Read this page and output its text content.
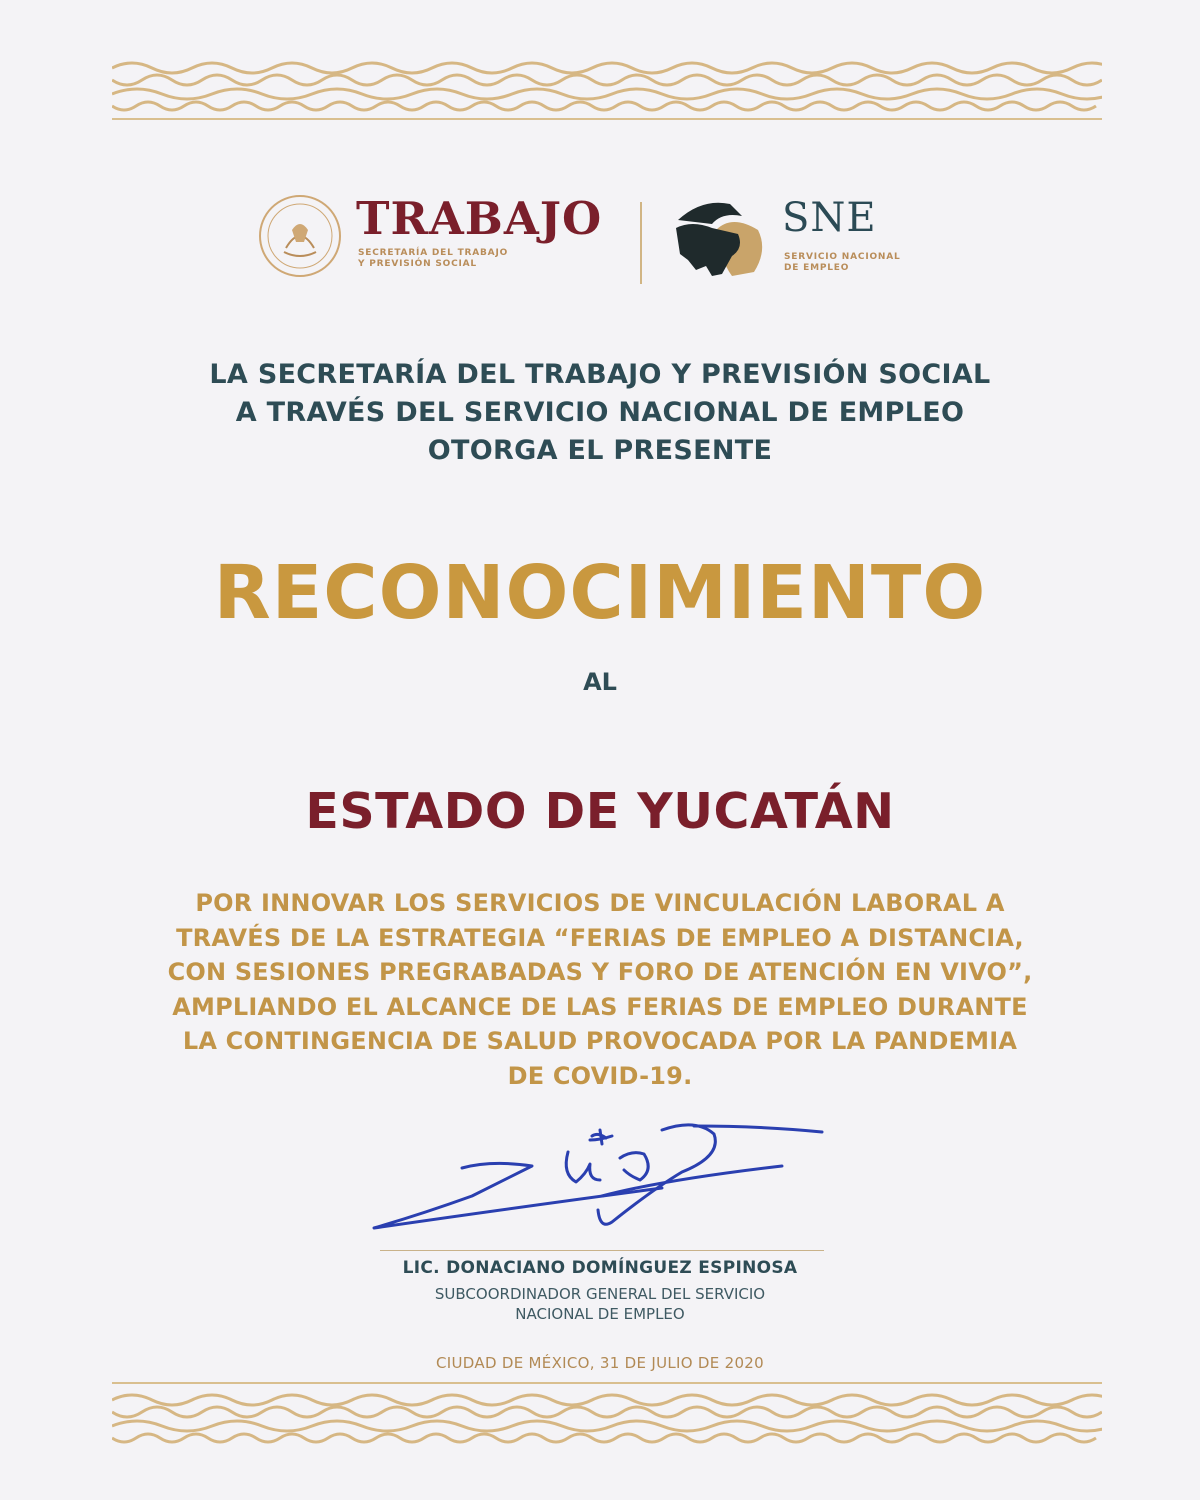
TRABAJO
SECRETARÍA DEL TRABAJO
Y PREVISIÓN SOCIAL
SNE
SERVICIO NACIONAL
DE EMPLEO
LA SECRETARÍA DEL TRABAJO Y PREVISIÓN SOCIAL
A TRAVÉS DEL SERVICIO NACIONAL DE EMPLEO
OTORGA EL PRESENTE
RECONOCIMIENTO
AL
ESTADO DE YUCATÁN
POR INNOVAR LOS SERVICIOS DE VINCULACIÓN LABORAL A
TRAVÉS DE LA ESTRATEGIA “FERIAS DE EMPLEO A DISTANCIA,
CON SESIONES PREGRABADAS Y FORO DE ATENCIÓN EN VIVO”,
AMPLIANDO EL ALCANCE DE LAS FERIAS DE EMPLEO DURANTE
LA CONTINGENCIA DE SALUD PROVOCADA POR LA PANDEMIA
DE COVID-19.
LIC. DONACIANO DOMÍNGUEZ ESPINOSA
SUBCOORDINADOR GENERAL DEL SERVICIO
NACIONAL DE EMPLEO
CIUDAD DE MÉXICO, 31 DE JULIO DE 2020
